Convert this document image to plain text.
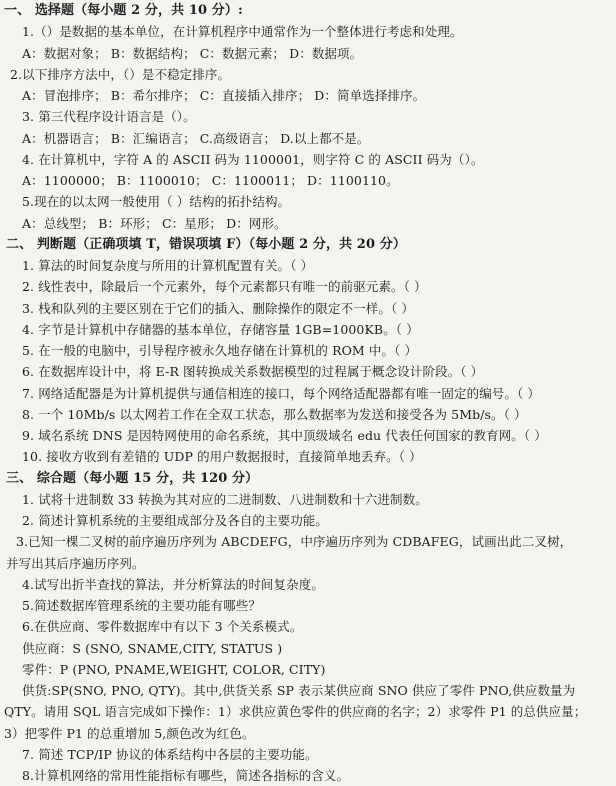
一、 选择题（每小题 2 分，共 10 分）:
1.（）是数据的基本单位，在计算机程序中通常作为一个整体进行考虑和处理。
A：数据对象； B：数据结构； C：数据元素； D：数据项。
2.以下排序方法中，（）是不稳定排序。
A：冒泡排序； B：希尔排序； C：直接插入排序； D：简单选择排序。
3. 第三代程序设计语言是（）。
A：机器语言； B：汇编语言； C.高级语言； D.以上都不是。
4. 在计算机中，字符 A 的 ASCII 码为 1100001，则字符 C 的 ASCII 码为（）。
A：1100000； B：1100010； C：1100011； D：1100110。
5.现在的以太网一般使用（ ）结构的拓扑结构。
A：总线型； B：环形； C：星形； D：网形。
二、 判断题（正确项填 T，错误项填 F）（每小题 2 分，共 20 分）
1. 算法的时间复杂度与所用的计算机配置有关。（ ）
2. 线性表中，除最后一个元素外，每个元素都只有唯一的前驱元素。（ ）
3. 栈和队列的主要区别在于它们的插入、删除操作的限定不一样。（ ）
4. 字节是计算机中存储器的基本单位，存储容量 1GB=1000KB。（ ）
5. 在一般的电脑中，引导程序被永久地存储在计算机的 ROM 中。（ ）
6. 在数据库设计中，将 E-R 图转换成关系数据模型的过程属于概念设计阶段。（ ）
7. 网络适配器是为计算机提供与通信相连的接口，每个网络适配器都有唯一固定的编号。（ ）
8. 一个 10Mb/s 以太网若工作在全双工状态，那么数据率为发送和接受各为 5Mb/s。（ ）
9. 域名系统 DNS 是因特网使用的命名系统，其中顶级域名 edu 代表任何国家的教育网。（ ）
10. 接收方收到有差错的 UDP 的用户数据报时，直接简单地丢弃。（ ）
三、 综合题（每小题 15 分，共 120 分）
1. 试将十进制数 33 转换为其对应的二进制数、八进制数和十六进制数。
2. 简述计算机系统的主要组成部分及各自的主要功能。
3.已知一棵二叉树的前序遍历序列为 ABCDEFG，中序遍历序列为 CDBAFEG，试画出此二叉树，
并写出其后序遍历序列。
4.试写出折半查找的算法，并分析算法的时间复杂度。
5.简述数据库管理系统的主要功能有哪些？
6.在供应商、零件数据库中有以下 3 个关系模式。
供应商：S (SNO, SNAME,CITY, STATUS )
零件：P (PNO, PNAME,WEIGHT, COLOR, CITY)
供货:SP(SNO, PNO, QTY)。其中,供货关系 SP 表示某供应商 SNO 供应了零件 PNO,供应数量为
QTY。请用 SQL 语言完成如下操作：1）求供应黄色零件的供应商的名字；2）求零件 P1 的总供应量；
3）把零件 P1 的总重增加 5,颜色改为红色。
7. 简述 TCP/IP 协议的体系结构中各层的主要功能。
8.计算机网络的常用性能指标有哪些，简述各指标的含义。
